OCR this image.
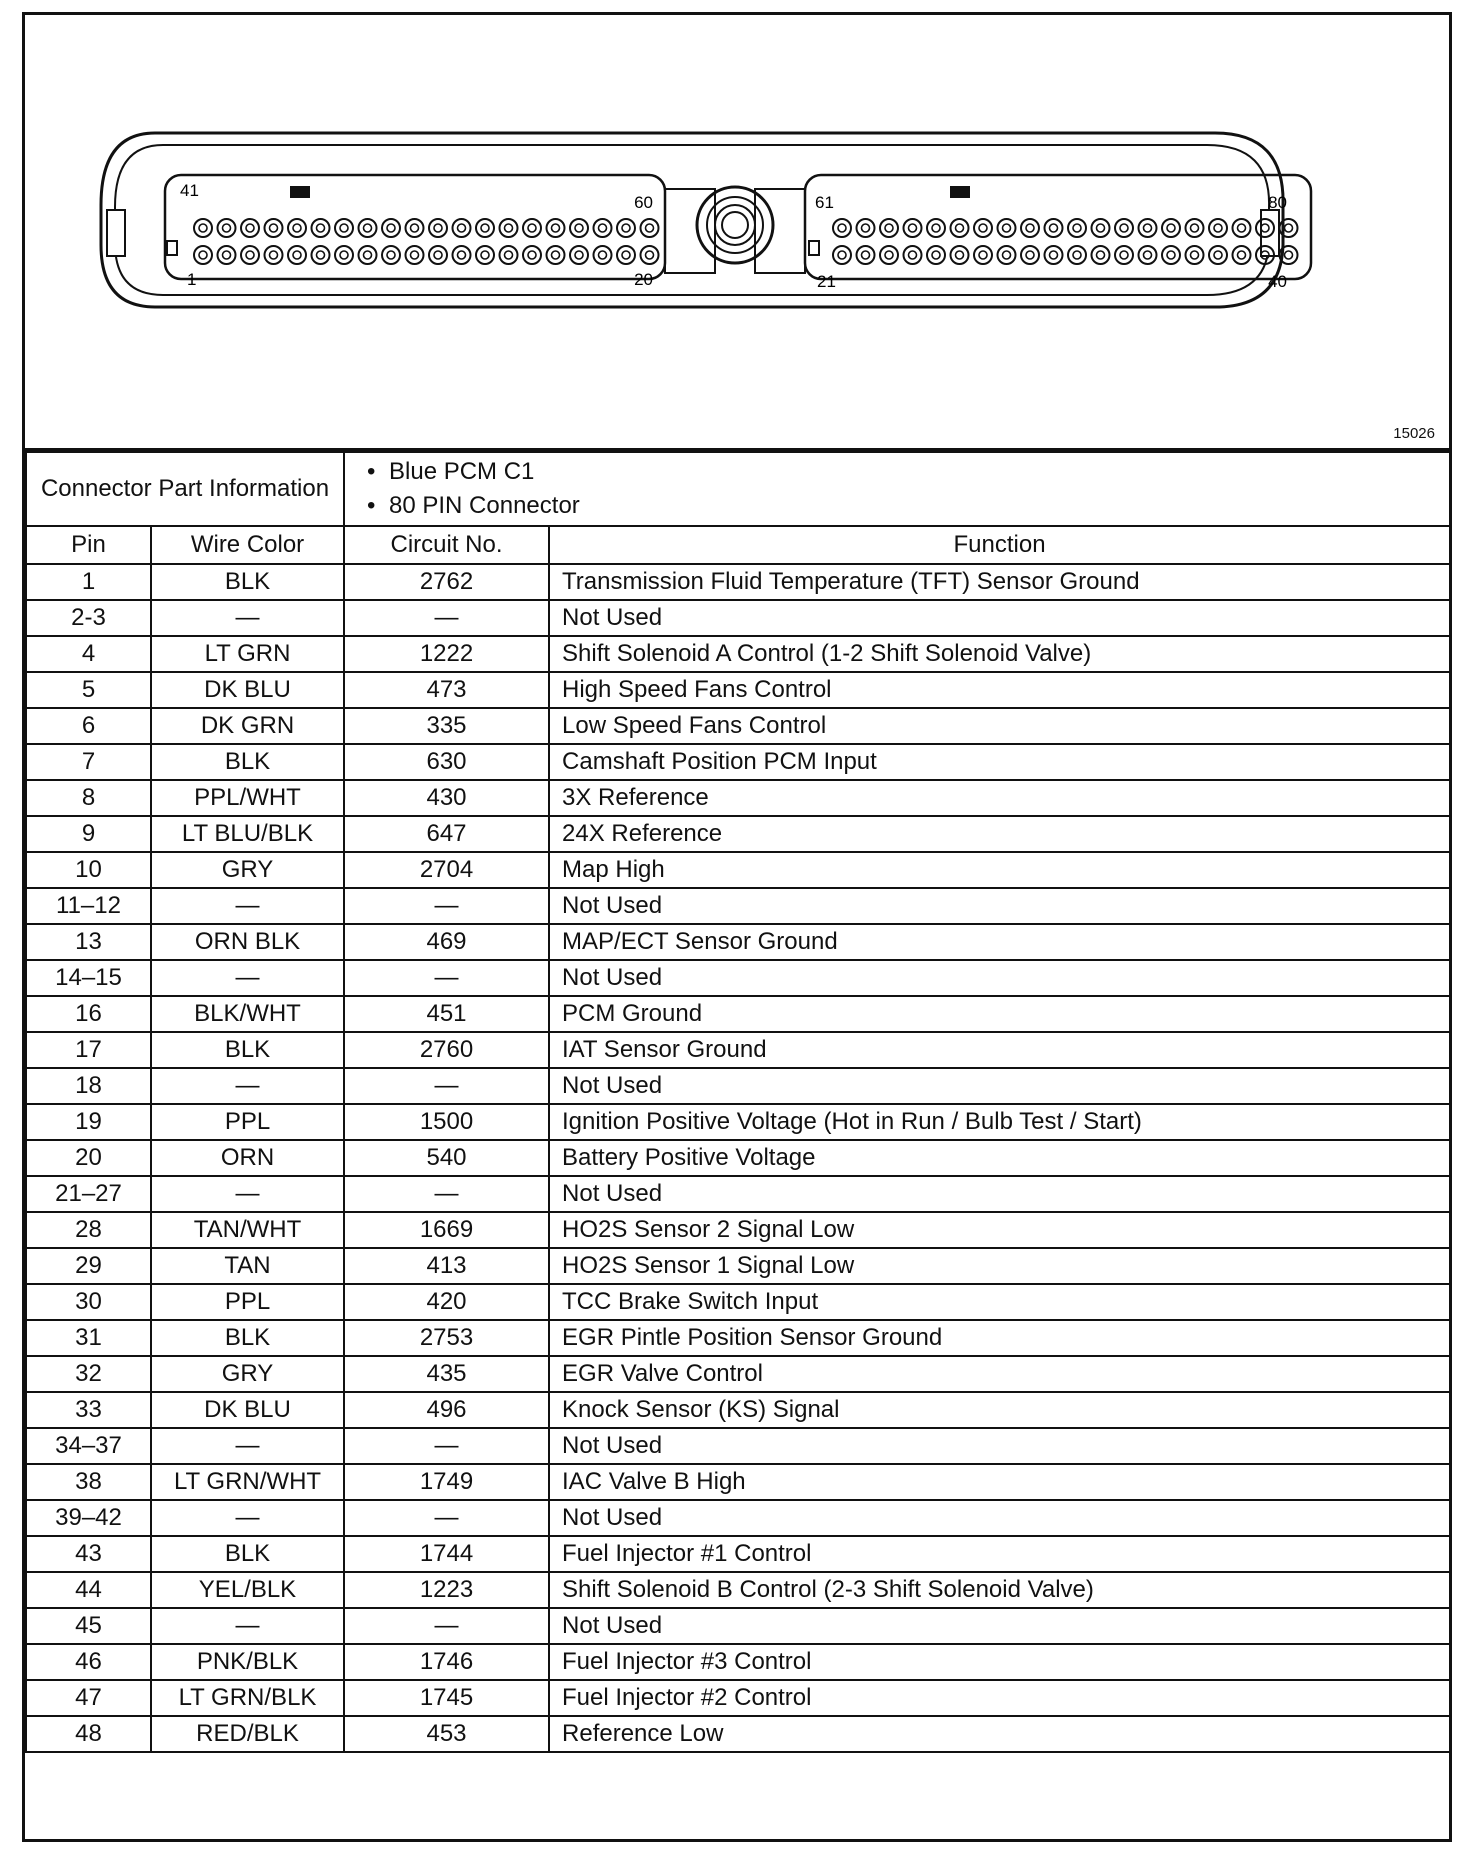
41
60
1	20
61	80
21	40
15026
Connector Part Information		• Blue PCM C1
• 80 PIN Connector

Pin	Wire Color	Circuit No.	Function
1	BLK	2762	Transmission Fluid Temperature (TFT) Sensor Ground
2-3	—	—	Not Used
4	LT GRN	1222	Shift Solenoid A Control (1-2 Shift Solenoid Valve)
5	DK BLU	473	High Speed Fans Control
6	DK GRN	335	Low Speed Fans Control
7	BLK	630	Camshaft Position PCM Input
8	PPL/WHT	430	3X Reference
9	LT BLU/BLK	647	24X Reference
10	GRY	2704	Map High
11–12	—	—	Not Used
13	ORN BLK	469	MAP/ECT Sensor Ground
14–15	—	—	Not Used
16	BLK/WHT	451	PCM Ground
17	BLK	2760	IAT Sensor Ground
18	—	—	Not Used
19	PPL	1500	Ignition Positive Voltage (Hot in Run / Bulb Test / Start)
20	ORN	540	Battery Positive Voltage
21–27	—	—	Not Used
28	TAN/WHT	1669	HO2S Sensor 2 Signal Low
29	TAN	413	HO2S Sensor 1 Signal Low
30	PPL	420	TCC Brake Switch Input
31	BLK	2753	EGR Pintle Position Sensor Ground
32	GRY	435	EGR Valve Control
33	DK BLU	496	Knock Sensor (KS) Signal
34–37	—	—	Not Used
38	LT GRN/WHT	1749	IAC Valve B High
39–42	—	—	Not Used
43	BLK	1744	Fuel Injector #1 Control
44	YEL/BLK	1223	Shift Solenoid B Control (2-3 Shift Solenoid Valve)
45	—	—	Not Used
46	PNK/BLK	1746	Fuel Injector #3 Control
47	LT GRN/BLK	1745	Fuel Injector #2 Control
48	RED/BLK	453	Reference Low
